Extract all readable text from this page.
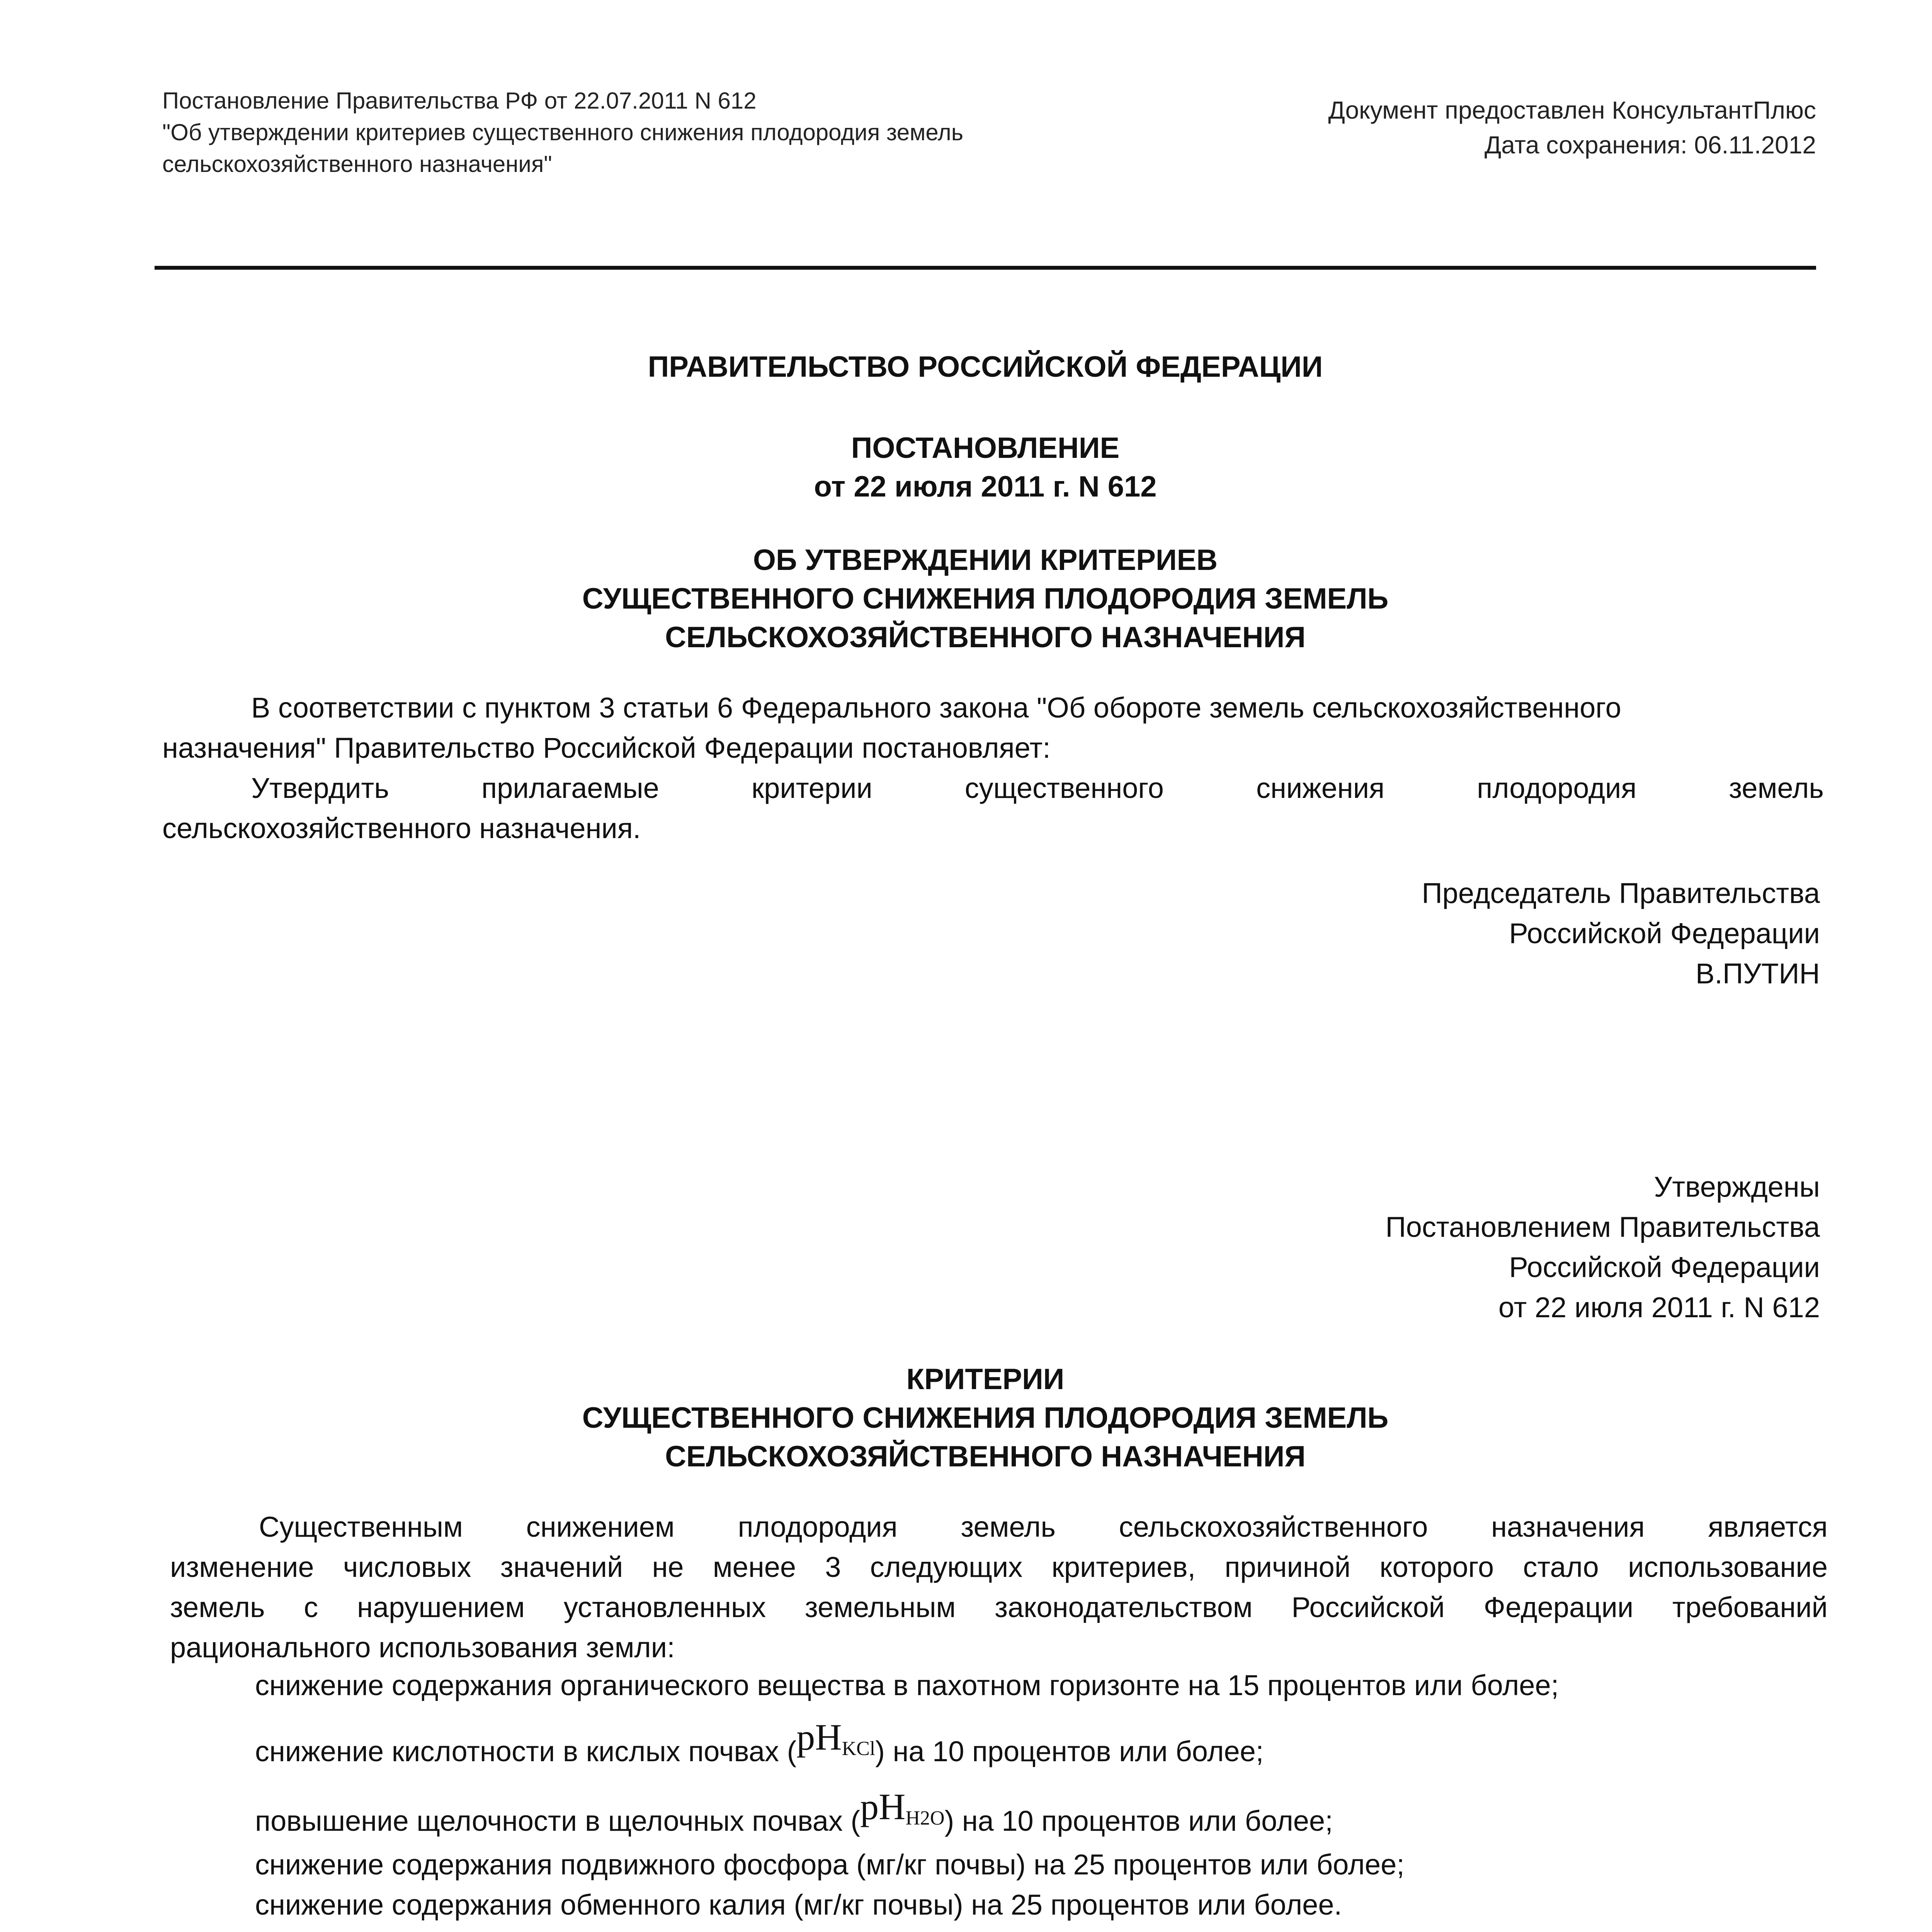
Постановление Правительства РФ от 22.07.2011 N 612
"Об утверждении критериев существенного снижения плодородия земель
сельскохозяйственного назначения"
Документ предоставлен КонсультантПлюс
Дата сохранения: 06.11.2012
ПРАВИТЕЛЬСТВО РОССИЙСКОЙ ФЕДЕРАЦИИ
ПОСТАНОВЛЕНИЕ
от 22 июля 2011 г. N 612
ОБ УТВЕРЖДЕНИИ КРИТЕРИЕВ
СУЩЕСТВЕННОГО СНИЖЕНИЯ ПЛОДОРОДИЯ ЗЕМЕЛЬ
СЕЛЬСКОХОЗЯЙСТВЕННОГО НАЗНАЧЕНИЯ
В соответствии с пунктом 3 статьи 6 Федерального закона "Об обороте земель сельскохозяйственного
назначения" Правительство Российской Федерации постановляет:
Утвердить прилагаемые критерии существенного снижения плодородия земель
сельскохозяйственного назначения.
Председатель Правительства
Российской Федерации
В.ПУТИН
Утверждены
Постановлением Правительства
Российской Федерации
от 22 июля 2011 г. N 612
КРИТЕРИИ
СУЩЕСТВЕННОГО СНИЖЕНИЯ ПЛОДОРОДИЯ ЗЕМЕЛЬ
СЕЛЬСКОХОЗЯЙСТВЕННОГО НАЗНАЧЕНИЯ
Существенным снижением плодородия земель сельскохозяйственного назначения является
изменение числовых значений не менее 3 следующих критериев, причиной которого стало использование
земель с нарушением установленных земельным законодательством Российской Федерации требований
рационального использования земли:
снижение содержания органического вещества в пахотном горизонте на 15 процентов или более;
снижение кислотности в кислых почвах $(pH_{KCl})$ на 10 процентов или более;
повышение щелочности в щелочных почвах $(pH_{H2O})$ на 10 процентов или более;
снижение содержания подвижного фосфора (мг/кг почвы) на 25 процентов или более;
снижение содержания обменного калия (мг/кг почвы) на 25 процентов или более.
